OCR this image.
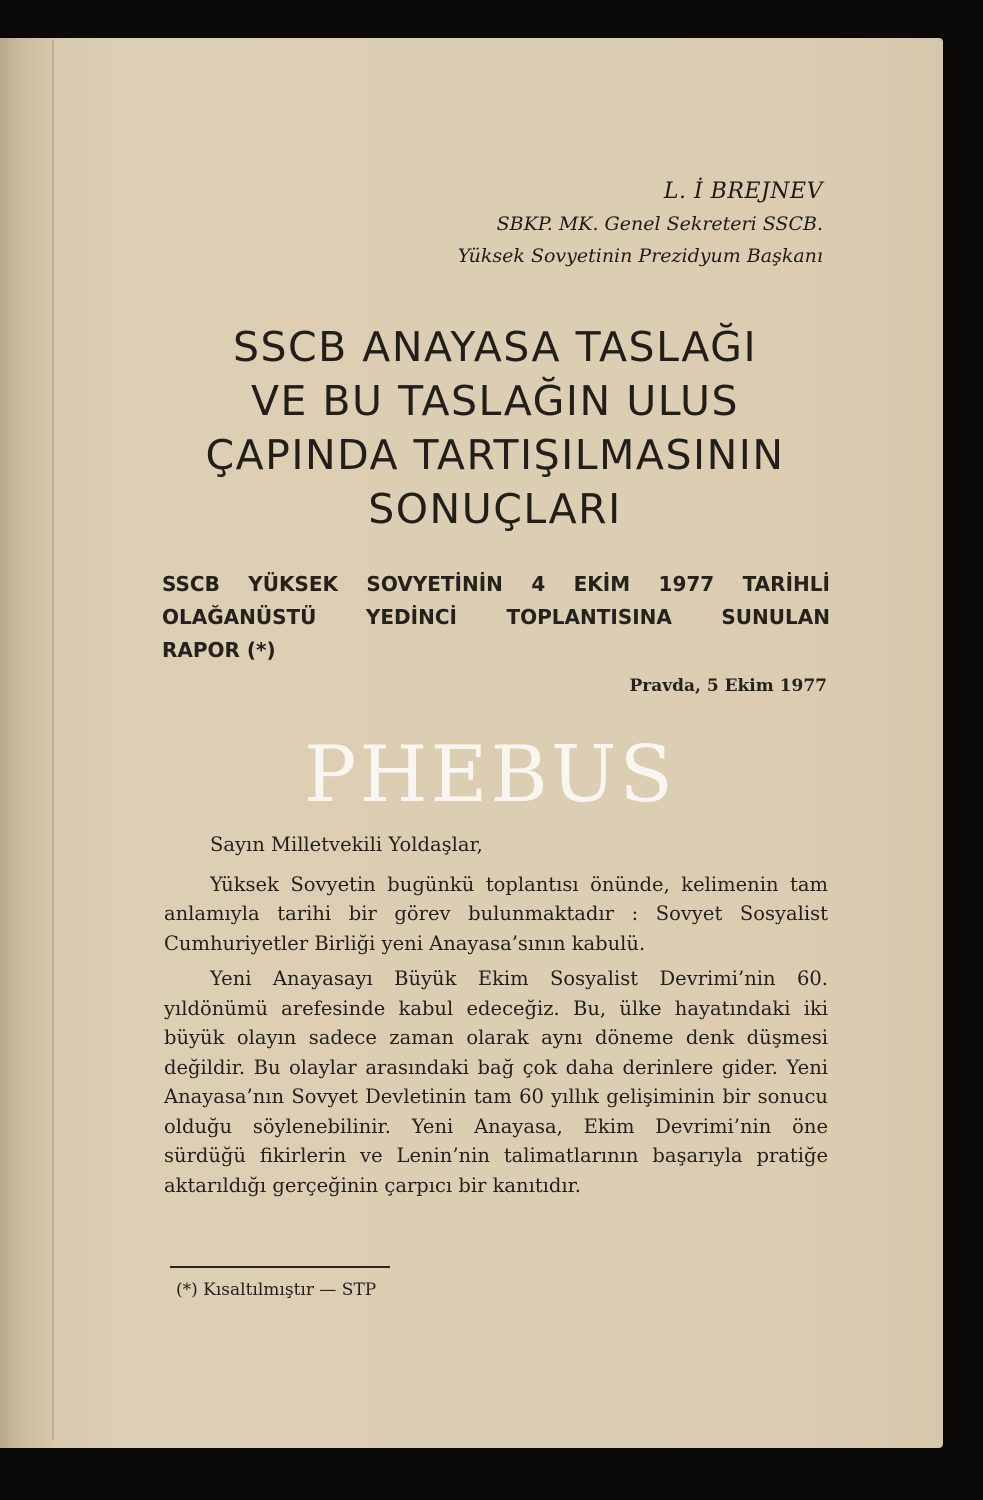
L. İ BREJNEV
SBKP. MK. Genel Sekreteri SSCB.
Yüksek Sovyetinin Prezidyum Başkanı
SSCB ANAYASA TASLAĞI
VE BU TASLAĞIN ULUS
ÇAPINDA TARTIŞILMASININ
SONUÇLARI
SSCB YÜKSEK SOVYETİNİN 4 EKİM 1977 TARİHLİ
OLAĞANÜSTÜ YEDİNCİ TOPLANTISINA SUNULAN
RAPOR (*)
Pravda, 5 Ekim 1977
PHEBUS

Sayın Milletvekili Yoldaşlar,

Yüksek Sovyetin bugünkü toplantısı önünde, kelimenin tam anlamıyla tarihi bir görev bulunmaktadır : Sovyet Sosyalist Cumhuriyetler Birliği yeni Anayasa’sının kabulü.

Yeni Anayasayı Büyük Ekim Sosyalist Devrimi’nin 60. yıldönümü arefesinde kabul edeceğiz. Bu, ülke hayatındaki iki büyük olayın sadece zaman olarak aynı döneme denk düşmesi değildir. Bu olaylar arasındaki bağ çok daha derinlere gider. Yeni Anayasa’nın Sovyet Devletinin tam 60 yıllık gelişiminin bir sonucu olduğu söylenebilinir. Yeni Anayasa, Ekim Devrimi’nin öne sürdüğü fikirlerin ve Lenin’nin talimatlarının başarıyla pratiğe aktarıldığı gerçeğinin çarpıcı bir kanıtıdır.

(*) Kısaltılmıştır — STP
